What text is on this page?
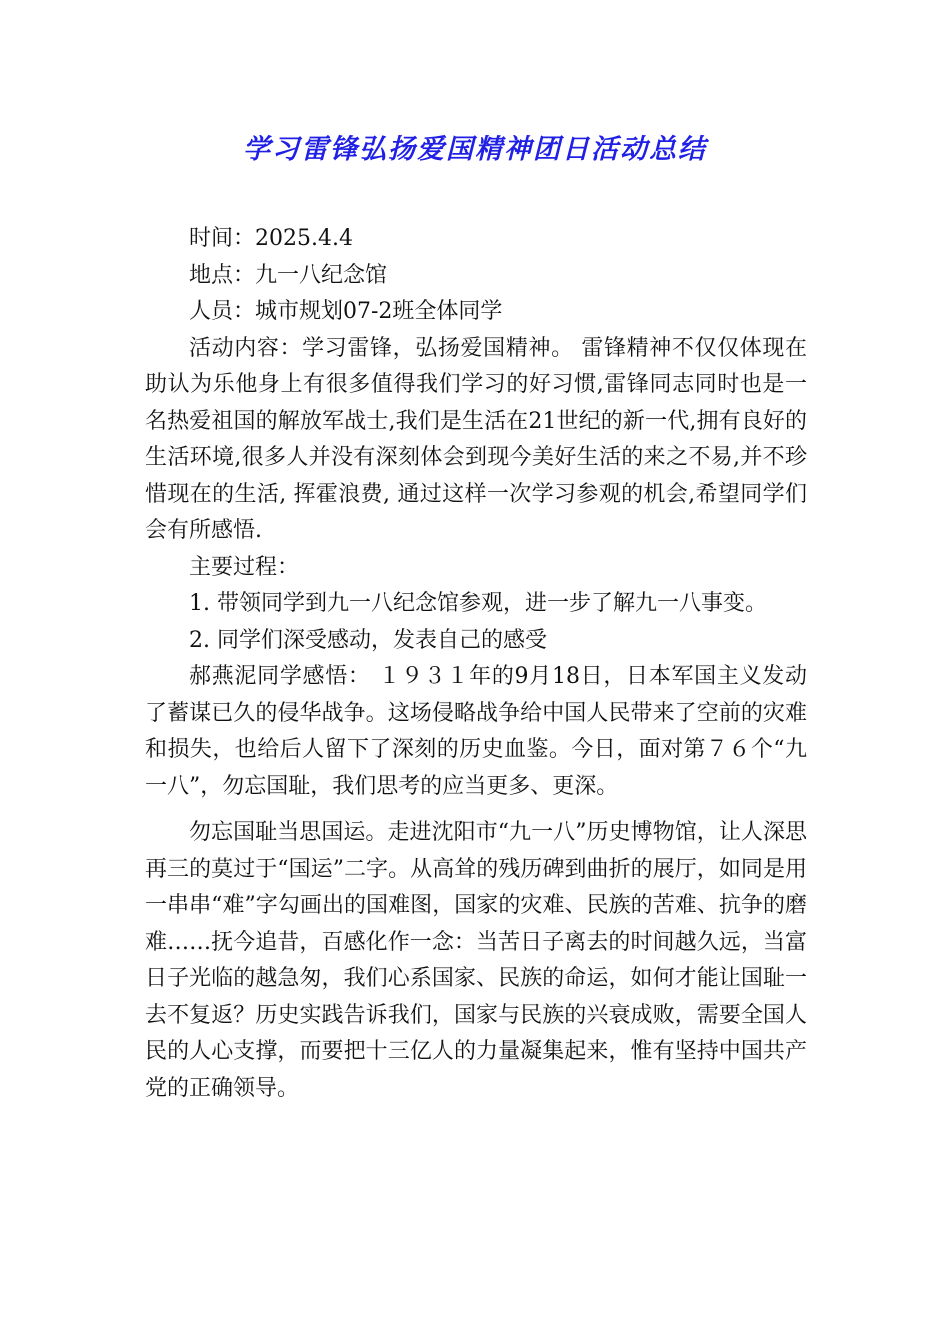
学习雷锋弘扬爱国精神团日活动总结

时间：2025.4.4

地点：九一八纪念馆

人员：城市规划07-2班全体同学

活动内容：学习雷锋，弘扬爱国精神。 雷锋精神不仅仅体现在助认为乐他身上有很多值得我们学习的好习惯,雷锋同志同时也是一名热爱祖国的解放军战士,我们是生活在21世纪的新一代,拥有良好的生活环境,很多人并没有深刻体会到现今美好生活的来之不易,并不珍惜现在的生活, 挥霍浪费, 通过这样一次学习参观的机会,希望同学们会有所感悟.

主要过程：

1. 带领同学到九一八纪念馆参观，进一步了解九一八事变。

2. 同学们深受感动，发表自己的感受

郝燕泥同学感悟： １９３１年的9月18日，日本军国主义发动了蓄谋已久的侵华战争。这场侵略战争给中国人民带来了空前的灾难和损失，也给后人留下了深刻的历史血鉴。今日，面对第７６个“九一八”，勿忘国耻，我们思考的应当更多、更深。

勿忘国耻当思国运。走进沈阳市“九一八”历史博物馆，让人深思再三的莫过于“国运”二字。从高耸的残历碑到曲折的展厅，如同是用一串串“难”字勾画出的国难图，国家的灾难、民族的苦难、抗争的磨难……抚今追昔，百感化作一念：当苦日子离去的时间越久远，当富日子光临的越急匆，我们心系国家、民族的命运，如何才能让国耻一去不复返？历史实践告诉我们，国家与民族的兴衰成败，需要全国人民的人心支撑，而要把十三亿人的力量凝集起来，惟有坚持中国共产党的正确领导。
